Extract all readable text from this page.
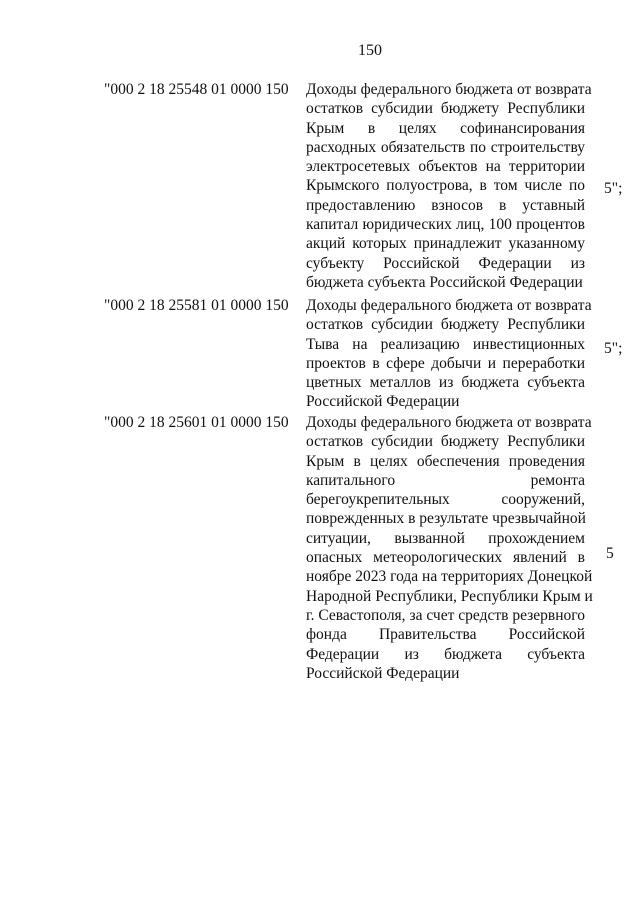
150
"000 2 18 25548 01 0000 150 Доходы федерального бюджета от возврата
остатков субсидии бюджету Республики
Крым в целях софинансирования
расходных обязательств по строительству
электросетевых объектов на территории
Крымского полуострова, в том числе по
предоставлению взносов в уставный
капитал юридических лиц, 100 процентов
акций которых принадлежит указанному
субъекту Российской Федерации из
бюджета субъекта Российской Федерации
5";
"000 2 18 25581 01 0000 150 Доходы федерального бюджета от возврата
остатков субсидии бюджету Республики
Тыва на реализацию инвестиционных
проектов в сфере добычи и переработки
цветных металлов из бюджета субъекта
Российской Федерации
5";
"000 2 18 25601 01 0000 150 Доходы федерального бюджета от возврата
остатков субсидии бюджету Республики
Крым в целях обеспечения проведения
капитального ремонта
берегоукрепительных сооружений,
поврежденных в результате чрезвычайной
ситуации, вызванной прохождением
опасных метеорологических явлений в
ноябре 2023 года на территориях Донецкой
Народной Республики, Республики Крым и
г. Севастополя, за счет средств резервного
фонда Правительства Российской
Федерации из бюджета субъекта
Российской Федерации
5
